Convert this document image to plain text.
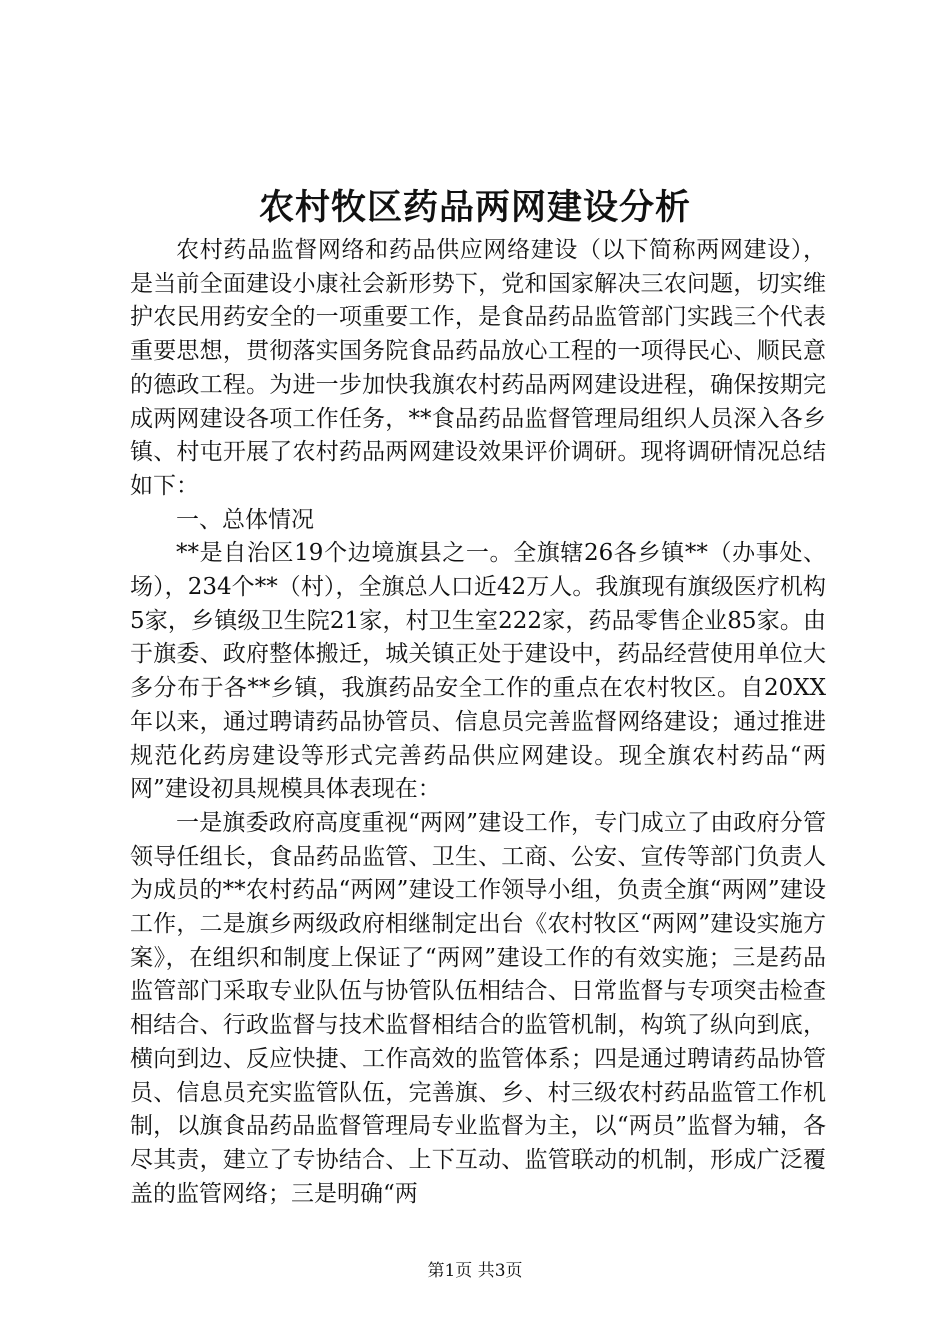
农村牧区药品两网建设分析

农村药品监督网络和药品供应网络建设（以下简称两网建设），是当前全面建设小康社会新形势下，党和国家解决三农问题，切实维护农民用药安全的一项重要工作，是食品药品监管部门实践三个代表重要思想，贯彻落实国务院食品药品放心工程的一项得民心、顺民意的德政工程。为进一步加快我旗农村药品两网建设进程，确保按期完成两网建设各项工作任务，**食品药品监督管理局组织人员深入各乡镇、村屯开展了农村药品两网建设效果评价调研。现将调研情况总结如下：

一、总体情况

**是自治区19个边境旗县之一。全旗辖26各乡镇**（办事处、场），234个**（村），全旗总人口近42万人。我旗现有旗级医疗机构5家，乡镇级卫生院21家，村卫生室222家，药品零售企业85家。由于旗委、政府整体搬迁，城关镇正处于建设中，药品经营使用单位大多分布于各**乡镇，我旗药品安全工作的重点在农村牧区。自20XX年以来，通过聘请药品协管员、信息员完善监督网络建设；通过推进规范化药房建设等形式完善药品供应网建设。现全旗农村药品“两网”建设初具规模具体表现在：

一是旗委政府高度重视“两网”建设工作，专门成立了由政府分管领导任组长，食品药品监管、卫生、工商、公安、宣传等部门负责人为成员的**农村药品“两网”建设工作领导小组，负责全旗“两网”建设工作，二是旗乡两级政府相继制定出台《农村牧区“两网”建设实施方案》，在组织和制度上保证了“两网”建设工作的有效实施；三是药品监管部门采取专业队伍与协管队伍相结合、日常监督与专项突击检查相结合、行政监督与技术监督相结合的监管机制，构筑了纵向到底，横向到边、反应快捷、工作高效的监管体系；四是通过聘请药品协管员、信息员充实监管队伍，完善旗、乡、村三级农村药品监管工作机制，以旗食品药品监督管理局专业监督为主，以“两员”监督为辅，各尽其责，建立了专协结合、上下互动、监管联动的机制，形成广泛覆盖的监管网络；三是明确“两

第1页 共3页
